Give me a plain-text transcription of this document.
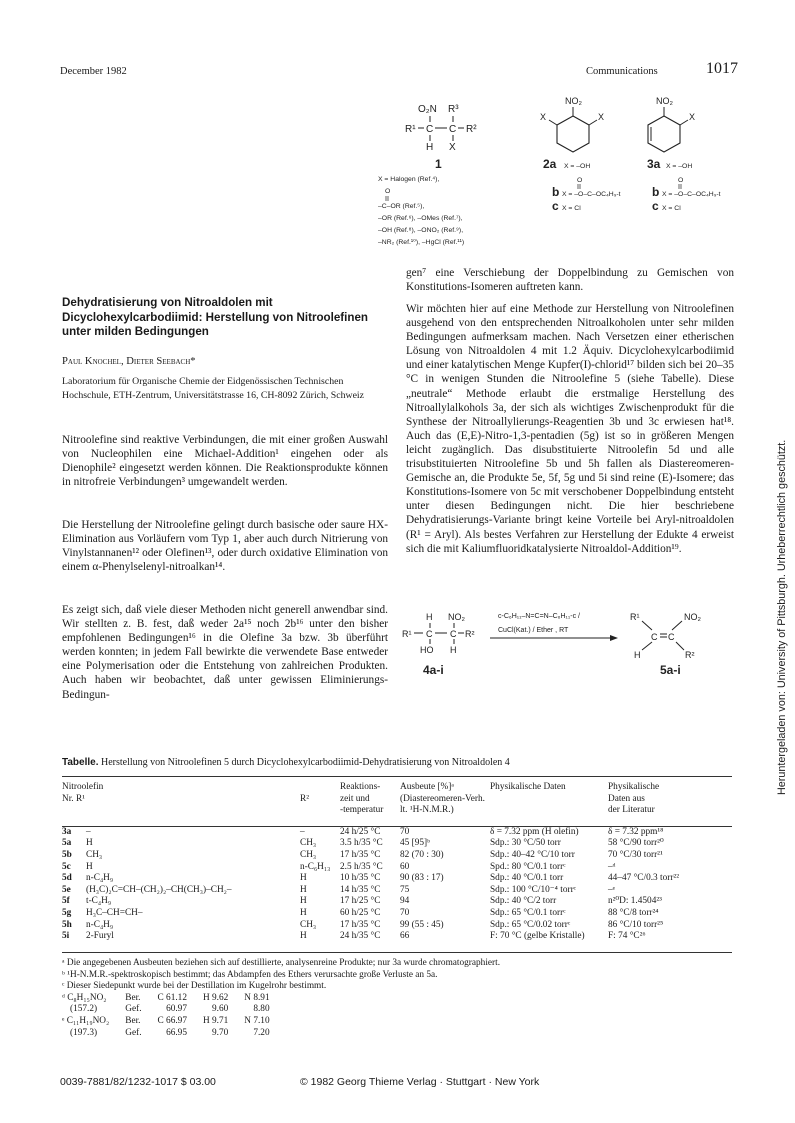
December 1982	Communications	1017
Heruntergeladen von: University of Pittsburgh. Urheberrechtlich geschützt.
O₂N R³
R¹ C C R²
H X
1
X = Halogen (Ref.⁴),
O
–C–OR (Ref.⁵),
–OR (Ref.⁶), –OMes (Ref.⁷),
–OH (Ref.⁸), –ONO₂ (Ref.⁹),
–NR₂ (Ref.¹⁰), –HgCl (Ref.¹¹)
NO₂
X	X
2a X = –OH
O
b X = –O–C–OC₄H₉-t
c X = Cl
NO₂
X
3a X = –OH
O
b X = –O–C–OC₄H₉-t
c X = Cl
gen⁷ eine Verschiebung der Doppelbindung zu Gemischen von Konstitutions-Isomeren auftreten kann.
Dehydratisierung von Nitroaldolen mit Dicyclohexylcarbodiimid: Herstellung von Nitroolefinen unter milden Bedingungen
Paul Knochel, Dieter Seebach*
Laboratorium für Organische Chemie der Eidgenössischen Technischen Hochschule, ETH-Zentrum, Universitätstrasse 16, CH-8092 Zürich, Schweiz
Nitroolefine sind reaktive Verbindungen, die mit einer großen Auswahl von Nucleophilen eine Michael-Addition¹ eingehen oder als Dienophile² eingesetzt werden können. Die Reaktionsprodukte können in nitrofreie Verbindungen³ umgewandelt werden.
Die Herstellung der Nitroolefine gelingt durch basische oder saure HX-Elimination aus Vorläufern vom Typ 1, aber auch durch Nitrierung von Vinylstannanen¹² oder Olefinen¹³, oder durch oxidative Elimination von einem α-Phenylselenyl-nitroalkan¹⁴.
Es zeigt sich, daß viele dieser Methoden nicht generell anwendbar sind. Wir stellten z. B. fest, daß weder 2a¹⁵ noch 2b¹⁶ unter den bisher empfohlenen Bedingungen¹⁶ in die Olefine 3a bzw. 3b überführt werden konnten; in jedem Fall bewirkte die verwendete Base entweder eine Polymerisation oder die Entstehung von zahlreichen Produkten. Auch haben wir beobachtet, daß unter gewissen Eliminierungs-Bedingun-
Wir möchten hier auf eine Methode zur Herstellung von Nitroolefinen ausgehend von den entsprechenden Nitroalkoholen unter sehr milden Bedingungen aufmerksam machen. Nach Versetzen einer etherischen Lösung von Nitroaldolen 4 mit 1.2 Äquiv. Dicyclohexylcarbodiimid und einer katalytischen Menge Kupfer(I)-chlorid¹⁷ bilden sich bei 20–35 °C in wenigen Stunden die Nitroolefine 5 (siehe Tabelle). Diese „neutrale“ Methode erlaubt die erstmalige Herstellung des Nitroallylalkohols 3a, der sich als wichtiges Zwischenprodukt für die Synthese der Nitroallylierungs-Reagentien 3b und 3c erwiesen hat¹⁸. Auch das (E,E)-Nitro-1,3-pentadien (5g) ist so in größeren Mengen leicht zugänglich. Das disubstituierte Nitroolefin 5d und alle trisubstituierten Nitroolefine 5b und 5h fallen als Diastereomeren-Gemische an, die Produkte 5e, 5f, 5g und 5i sind reine (E)-Isomere; das Konstitutions-Isomere von 5c mit verschobener Doppelbindung entsteht unter diesen Bedingungen nicht. Die hier beschriebene Dehydratisierungs-Variante bringt keine Vorteile bei Aryl-nitroaldolen (R¹ = Aryl). Als bestes Verfahren zur Herstellung der Edukte 4 erweist sich die mit Kaliumfluoridkatalysierte Nitroaldol-Addition¹⁹.
H NO₂
R¹ C C R²
HO H
4a-i
c-C₆H₁₁–N=C=N–C₆H₁₁-c /
CuCl(Kat.) / Ether , RT
R¹	NO₂
C C
H	R²
5a-i
Tabelle. Herstellung von Nitroolefinen 5 durch Dicyclohexylcarbodiimid-Dehydratisierung von Nitroaldolen 4
Nitroolefin
Nr. R¹	R²	Reaktions-
zeit und
-temperatur	Ausbeute [%]ᵃ
(Diastereomeren-Verh.
lt. ¹H-N.M.R.)	Physikalische Daten	Physikalische
Daten aus
der Literatur
3a –	–	24 h/25 °C	70	δ = 7.32 ppm (H olefin)	δ = 7.32 ppm¹⁸
5a H	CH₃	3.5 h/35 °C	45 [95]ᵇ	Sdp.: 30 °C/50 torr	58 °C/90 torr²⁰
5b CH₃	CH₃	17 h/35 °C	82 (70 : 30)	Sdp.: 40–42 °C/10 torr	70 °C/30 torr²¹
5c H	n-C₆H₁₃	2.5 h/35 °C	60	Spd.: 80 °C/0.1 torrᶜ	–ᵈ
5d n-C₄H₉	H	10 h/35 °C	90 (83 : 17)	Sdp.: 40 °C/0.1 torr	44–47 °C/0.3 torr²²
5e (H₃C)₂C=CH–(CH₂)₂–CH(CH₃)–CH₂–	H	14 h/35 °C	75	Sdp.: 100 °C/10⁻⁴ torrᶜ	–ᵉ
5f t-C₄H₉	H	17 h/25 °C	94	Sdp.: 40 °C/2 torr	n²⁰D: 1.4504²³
5g H₃C–CH=CH–	H	60 h/25 °C	70	Sdp.: 65 °C/0.1 torrᶜ	88 °C/8 torr²⁴
5h n-C₄H₉	CH₃	17 h/35 °C	99 (55 : 45)	Sdp.: 65 °C/0.02 torrᶜ	86 °C/10 torr²⁵
5i 2-Furyl	H	24 h/35 °C	66	F: 70 °C (gelbe Kristalle)	F: 74 °C²⁶
ᵃ Die angegebenen Ausbeuten beziehen sich auf destillierte, analysenreine Produkte; nur 3a wurde chromatographiert.
ᵇ ¹H-N.M.R.-spektroskopisch bestimmt; das Abdampfen des Ethers verursachte große Verluste an 5a.
ᶜ Dieser Siedepunkt wurde bei der Destillation im Kugelrohr bestimmt.
ᵈ C₈H₁₅NO₂	Ber.	C 61.12	H 9.62	N 8.91
(157.2)	Gef.	60.97	9.60	8.80
ᵉ C₁₁H₁₉NO₂	Ber.	C 66.97	H 9.71	N 7.10
(197.3)	Gef.	66.95	9.70	7.20
0039-7881/82/1232-1017 $ 03.00	© 1982 Georg Thieme Verlag · Stuttgart · New York
